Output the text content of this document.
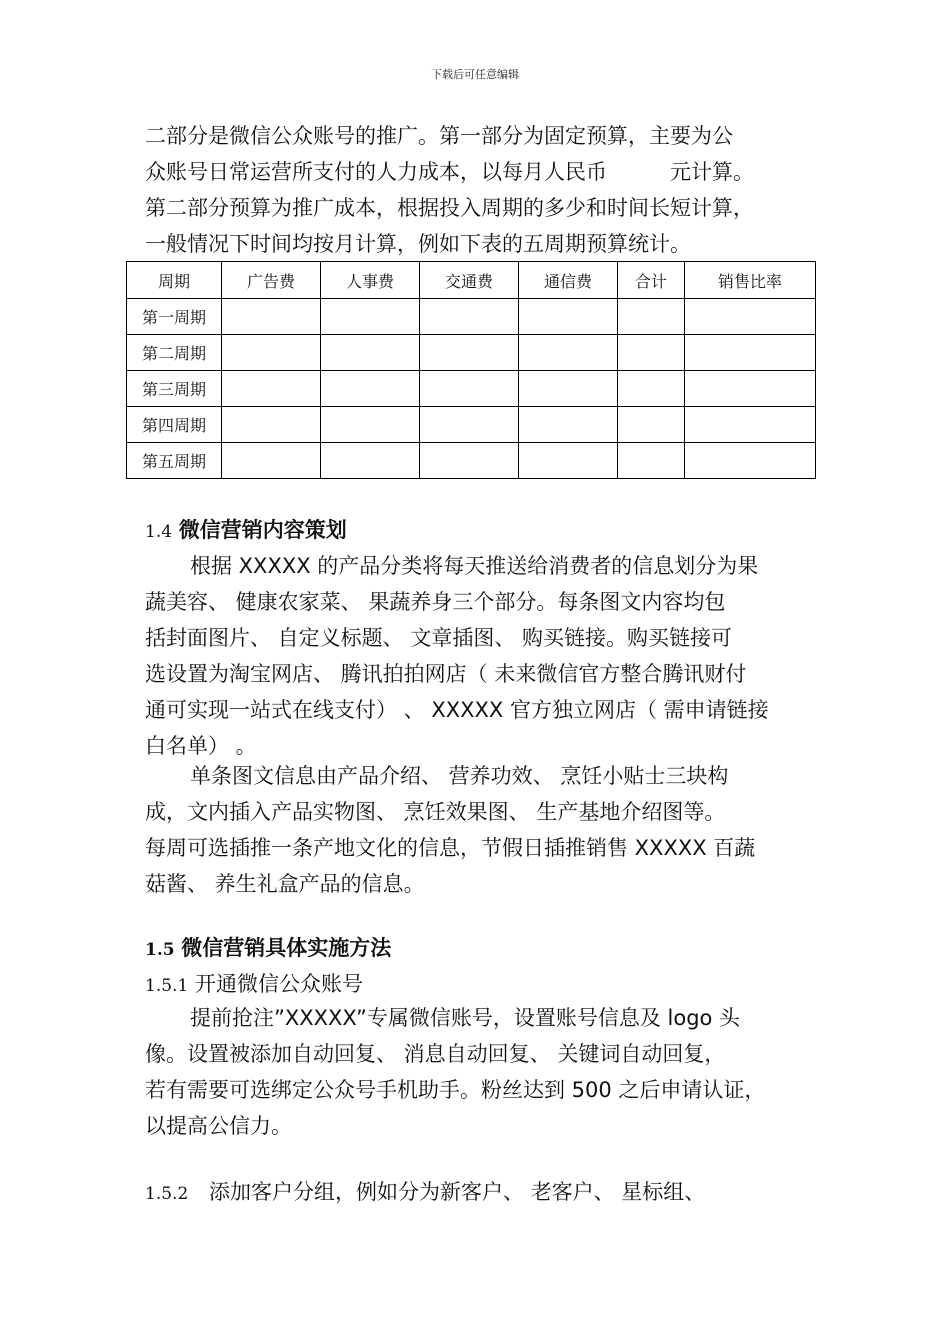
下载后可任意编辑
二部分是微信公众账号的推广。第一部分为固定预算，主要为公
众账号日常运营所支付的人力成本，以每月人民币　　　元计算。
第二部分预算为推广成本，根据投入周期的多少和时间长短计算，
一般情况下时间均按月计算，例如下表的五周期预算统计。
周期	广告费	人事费	交通费	通信费	合计	销售比率
第一周期						
第二周期						
第三周期						
第四周期						
第五周期						
1.4 微信营销内容策划
根据 XXXXX 的产品分类将每天推送给消费者的信息划分为果
蔬美容、 健康农家菜、 果蔬养身三个部分。每条图文内容均包
括封面图片、 自定义标题、 文章插图、 购买链接。购买链接可
选设置为淘宝网店、 腾讯拍拍网店（ 未来微信官方整合腾讯财付
通可实现一站式在线支付） 、 XXXXX 官方独立网店（ 需申请链接
白名单） 。
单条图文信息由产品介绍、 营养功效、 烹饪小贴士三块构
成，文内插入产品实物图、 烹饪效果图、 生产基地介绍图等。
每周可选插推一条产地文化的信息，节假日插推销售 XXXXX 百蔬
菇酱、 养生礼盒产品的信息。
1.5 微信营销具体实施方法
1.5.1 开通微信公众账号
提前抢注”XXXXX”专属微信账号，设置账号信息及 logo 头
像。设置被添加自动回复、 消息自动回复、 关键词自动回复，
若有需要可选绑定公众号手机助手。粉丝达到 500 之后申请认证，
以提高公信力。
1.5.2 添加客户分组，例如分为新客户、 老客户、 星标组、
